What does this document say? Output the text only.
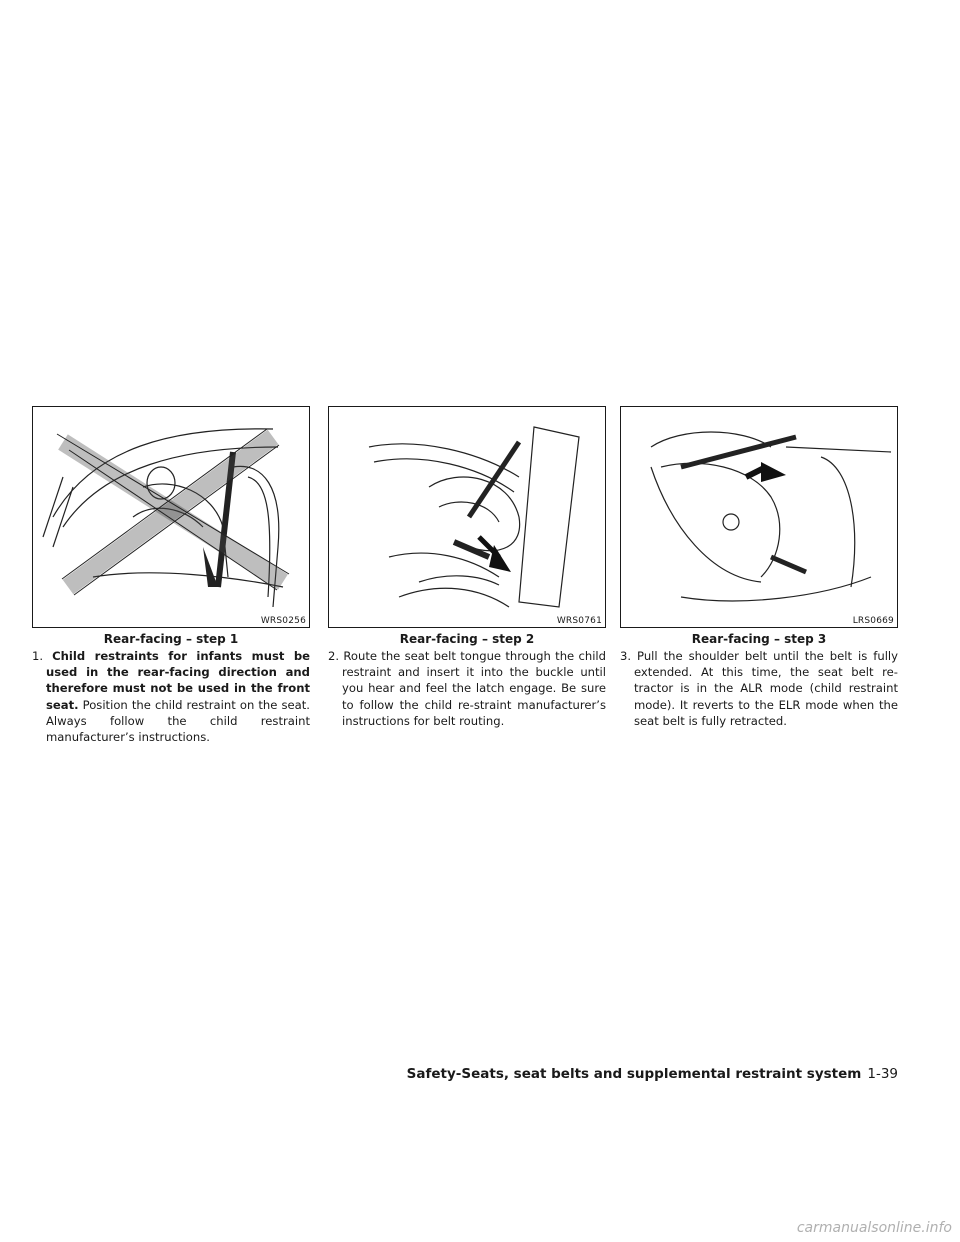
WRS0256
Rear-facing – step 1
1. Child restraints for infants must be used in the rear-facing direction and therefore must not be used in the front seat. Position the child restraint on the seat. Always follow the child restraint manufacturer’s instructions.
WRS0761
Rear-facing – step 2
2. Route the seat belt tongue through the child restraint and insert it into the buckle until you hear and feel the latch engage. Be sure to follow the child re-straint manufacturer’s instructions for belt routing.
LRS0669
Rear-facing – step 3
3. Pull the shoulder belt until the belt is fully extended. At this time, the seat belt re-tractor is in the ALR mode (child restraint mode). It reverts to the ELR mode when the seat belt is fully retracted.
Safety-Seats, seat belts and supplemental restraint system 1-39
carmanualsonline.info
